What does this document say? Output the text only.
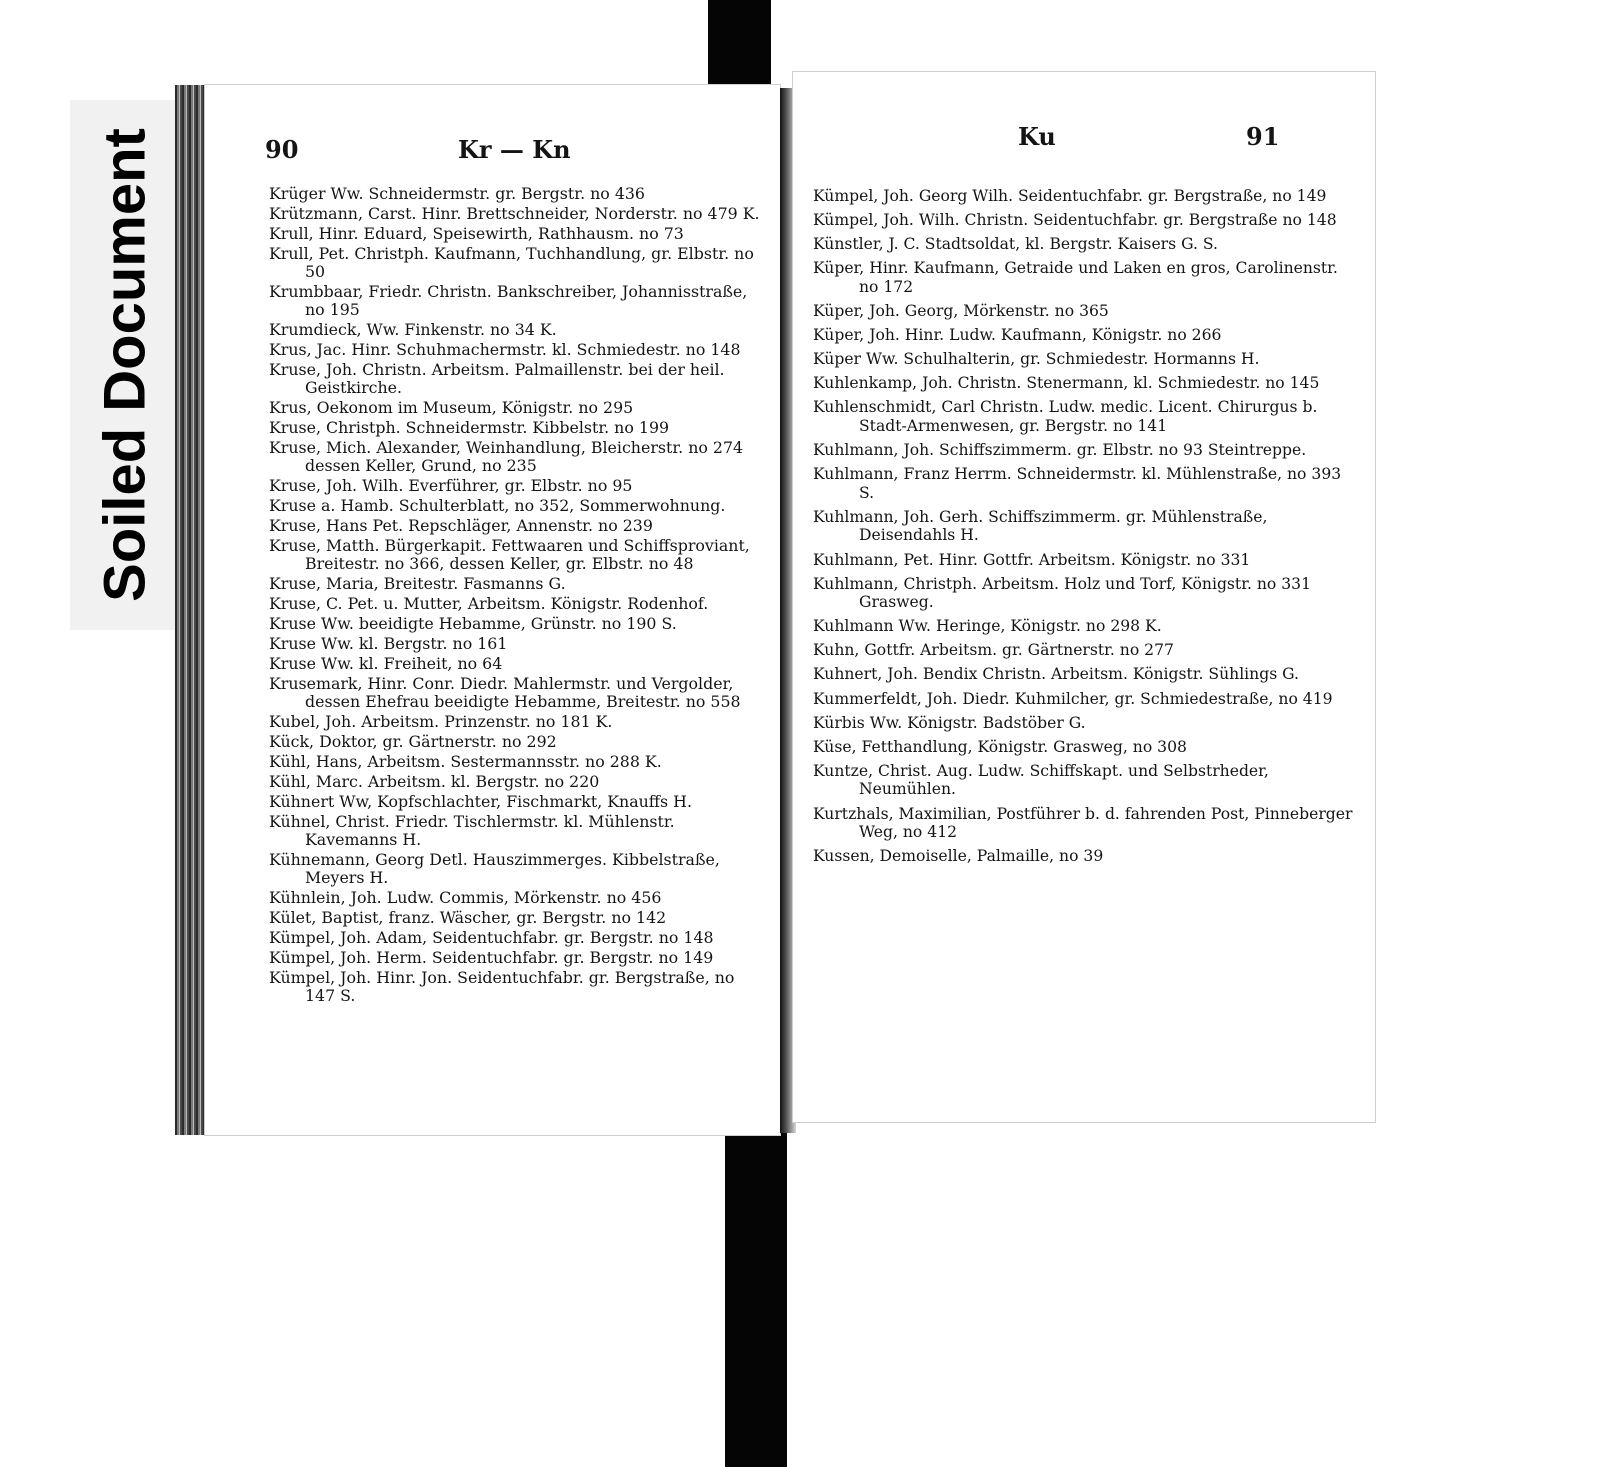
Soiled Document	90	Kr — Kn
Krüger Ww. Schneidermstr. gr. Bergstr. no 436
Krützmann, Carst. Hinr. Brettschneider, Norderstr. no 479 K.
Krull, Hinr. Eduard, Speisewirth, Rathhausm. no 73
Krull, Pet. Christph. Kaufmann, Tuchhandlung, gr. Elbstr. no 50
Krumbbaar, Friedr. Christn. Bankschreiber, Johannisstraße, no 195
Krumdieck, Ww. Finkenstr. no 34 K.
Krus, Jac. Hinr. Schuhmachermstr. kl. Schmiedestr. no 148
Kruse, Joh. Christn. Arbeitsm. Palmaillenstr. bei der heil. Geistkirche.
Krus, Oekonom im Museum, Königstr. no 295
Kruse, Christph. Schneidermstr. Kibbelstr. no 199
Kruse, Mich. Alexander, Weinhandlung, Bleicherstr. no 274 dessen Keller, Grund, no 235
Kruse, Joh. Wilh. Everführer, gr. Elbstr. no 95
Kruse a. Hamb. Schulterblatt, no 352, Sommerwohnung.
Kruse, Hans Pet. Repschläger, Annenstr. no 239
Kruse, Matth. Bürgerkapit. Fettwaaren und Schiffsproviant, Breitestr. no 366, dessen Keller, gr. Elbstr. no 48
Kruse, Maria, Breitestr. Fasmanns G.
Kruse, C. Pet. u. Mutter, Arbeitsm. Königstr. Rodenhof.
Kruse Ww. beeidigte Hebamme, Grünstr. no 190 S.
Kruse Ww. kl. Bergstr. no 161
Kruse Ww. kl. Freiheit, no 64
Krusemark, Hinr. Conr. Diedr. Mahlermstr. und Vergolder, dessen Ehefrau beeidigte Hebamme, Breitestr. no 558
Kubel, Joh. Arbeitsm. Prinzenstr. no 181 K.
Kück, Doktor, gr. Gärtnerstr. no 292
Kühl, Hans, Arbeitsm. Sestermannsstr. no 288 K.
Kühl, Marc. Arbeitsm. kl. Bergstr. no 220
Kühnert Ww, Kopfschlachter, Fischmarkt, Knauffs H.
Kühnel, Christ. Friedr. Tischlermstr. kl. Mühlenstr. Kavemanns H.
Kühnemann, Georg Detl. Hauszimmerges. Kibbelstraße, Meyers H.
Kühnlein, Joh. Ludw. Commis, Mörkenstr. no 456
Kület, Baptist, franz. Wäscher, gr. Bergstr. no 142
Kümpel, Joh. Adam, Seidentuchfabr. gr. Bergstr. no 148
Kümpel, Joh. Herm. Seidentuchfabr. gr. Bergstr. no 149
Kümpel, Joh. Hinr. Jon. Seidentuchfabr. gr. Bergstraße, no 147 S.
Ku	91
Kümpel, Joh. Georg Wilh. Seidentuchfabr. gr. Bergstraße, no 149
Kümpel, Joh. Wilh. Christn. Seidentuchfabr. gr. Bergstraße no 148
Künstler, J. C. Stadtsoldat, kl. Bergstr. Kaisers G. S.
Küper, Hinr. Kaufmann, Getraide und Laken en gros, Carolinenstr. no 172
Küper, Joh. Georg, Mörkenstr. no 365
Küper, Joh. Hinr. Ludw. Kaufmann, Königstr. no 266
Küper Ww. Schulhalterin, gr. Schmiedestr. Hormanns H.
Kuhlenkamp, Joh. Christn. Stenermann, kl. Schmiedestr. no 145
Kuhlenschmidt, Carl Christn. Ludw. medic. Licent. Chirurgus b. Stadt-Armenwesen, gr. Bergstr. no 141
Kuhlmann, Joh. Schiffszimmerm. gr. Elbstr. no 93 Steintreppe.
Kuhlmann, Franz Herrm. Schneidermstr. kl. Mühlenstraße, no 393 S.
Kuhlmann, Joh. Gerh. Schiffszimmerm. gr. Mühlenstraße, Deisendahls H.
Kuhlmann, Pet. Hinr. Gottfr. Arbeitsm. Königstr. no 331
Kuhlmann, Christph. Arbeitsm. Holz und Torf, Königstr. no 331 Grasweg.
Kuhlmann Ww. Heringe, Königstr. no 298 K.
Kuhn, Gottfr. Arbeitsm. gr. Gärtnerstr. no 277
Kuhnert, Joh. Bendix Christn. Arbeitsm. Königstr. Sühlings G.
Kummerfeldt, Joh. Diedr. Kuhmilcher, gr. Schmiedestraße, no 419
Kürbis Ww. Königstr. Badstöber G.
Küse, Fetthandlung, Königstr. Grasweg, no 308
Kuntze, Christ. Aug. Ludw. Schiffskapt. und Selbstrheder, Neumühlen.
Kurtzhals, Maximilian, Postführer b. d. fahrenden Post, Pinneberger Weg, no 412
Kussen, Demoiselle, Palmaille, no 39
